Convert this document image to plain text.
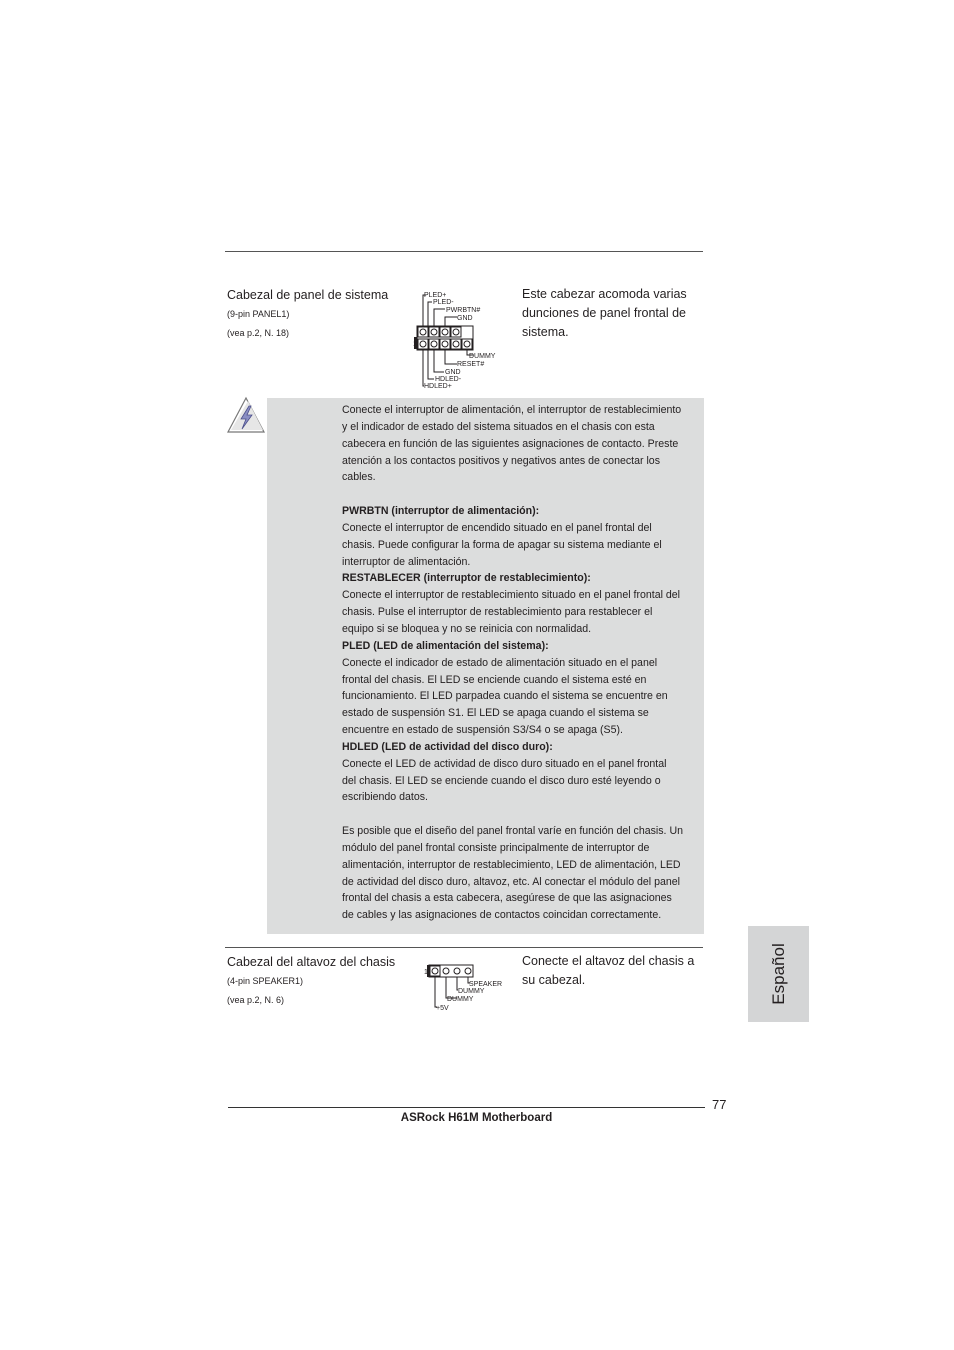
Cabezal de panel de sistema
(9-pin PANEL1)
(vea p.2, N. 18)
1
PLED+
PLED-
PWRBTN#
GND
DUMMY
RESET#
GND
HDLED-
HDLED+
Este cabezar acomoda varias
dunciones de panel frontal de
sistema.

Conecte el interruptor de alimentación, el interruptor de restablecimiento

y el indicador de estado del sistema situados en el chasis con esta

cabecera en función de las siguientes asignaciones de contacto. Preste

atención a los contactos positivos y negativos antes de conectar los

cables.

PWRBTN (interruptor de alimentación):

Conecte el interruptor de encendido situado en el panel frontal del

chasis. Puede configurar la forma de apagar su sistema mediante el

interruptor de alimentación.

RESTABLECER (interruptor de restablecimiento):

Conecte el interruptor de restablecimiento situado en el panel frontal del

chasis. Pulse el interruptor de restablecimiento para restablecer el

equipo si se bloquea y no se reinicia con normalidad.

PLED (LED de alimentación del sistema):

Conecte el indicador de estado de alimentación situado en el panel

frontal del chasis. El LED se enciende cuando el sistema esté en

funcionamiento. El LED parpadea cuando el sistema se encuentre en

estado de suspensión S1. El LED se apaga cuando el sistema se

encuentre en estado de suspensión S3/S4 o se apaga (S5).

HDLED (LED de actividad del disco duro):

Conecte el LED de actividad de disco duro situado en el panel frontal

del chasis. El LED se enciende cuando el disco duro esté leyendo o

escribiendo datos.

Es posible que el diseño del panel frontal varíe en función del chasis. Un

módulo del panel frontal consiste principalmente de interruptor de

alimentación, interruptor de restablecimiento, LED de alimentación, LED

de actividad del disco duro, altavoz, etc. Al conectar el módulo del panel

frontal del chasis a esta cabecera, asegúrese de que las asignaciones

de cables y las asignaciones de contactos coincidan correctamente.

Cabezal del altavoz del chasis
(4-pin SPEAKER1)
(vea p.2, N. 6)
1
SPEAKER
DUMMY
DUMMY
+5V
Conecte el altavoz del chasis a
su cabezal.	Español
77
ASRock H61M Motherboard
